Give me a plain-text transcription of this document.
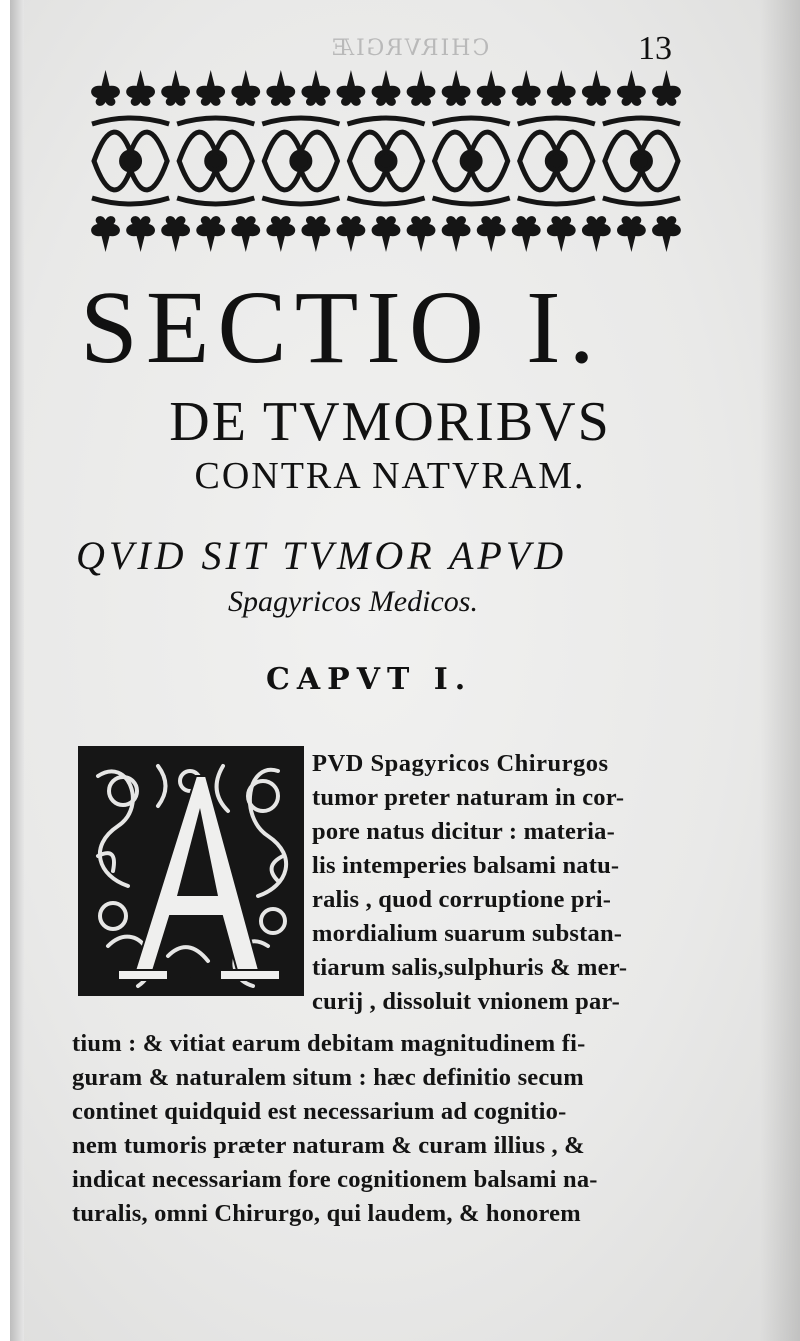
CHIRVRGIÆ	13
SECTIO I.
DE TVMORIBVS
CONTRA NATVRAM.
QVID SIT TVMOR APVD
Spagyricos Medicos.
CAPVT I.
A
PVD Spagyricos Chirurgos
tumor preter naturam in cor-
pore natus dicitur : materia-
lis intemperies balsami natu-
ralis , quod corruptione pri-
mordialium suarum substan-
tiarum salis,sulphuris & mer-
curij , dissoluit vnionem par-
tium : & vitiat earum debitam magnitudinem fi-
guram & naturalem situm : hæc definitio secum
continet quidquid est necessarium ad cognitio-
nem tumoris præter naturam & curam illius , &
indicat necessariam fore cognitionem balsami na-
turalis, omni Chirurgo, qui laudem, & honorem
